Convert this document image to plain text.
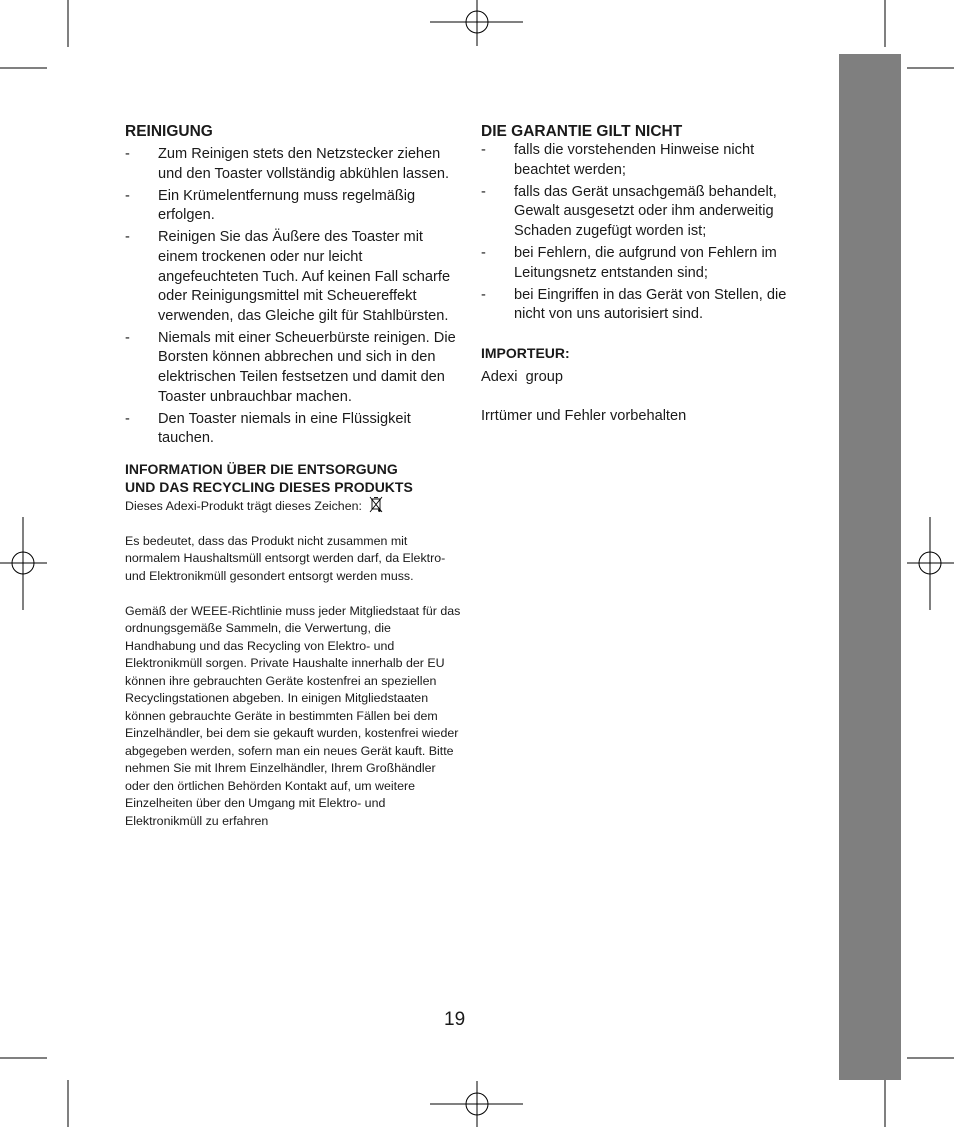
REINIGUNG
- Zum Reinigen stets den Netzstecker ziehen und den Toaster vollständig abkühlen lassen.
- Ein Krümelentfernung muss regelmäßig erfolgen.
- Reinigen Sie das Äußere des Toaster mit einem trockenen oder nur leicht angefeuchteten Tuch. Auf keinen Fall scharfe oder Reinigungsmittel mit Scheuereffekt verwenden, das Gleiche gilt für Stahlbürsten.
- Niemals mit einer Scheuerbürste reinigen. Die Borsten können abbrechen und sich in den elektrischen Teilen festsetzen und damit den Toaster unbrauchbar machen.
- Den Toaster niemals in eine Flüssigkeit tauchen.
INFORMATION ÜBER DIE ENTSORGUNG
UND DAS RECYCLING DIESES PRODUKTS

Dieses Adexi-Produkt trägt dieses Zeichen:

Es bedeutet, dass das Produkt nicht zusammen mit normalem Haushaltsmüll entsorgt werden darf, da Elektro- und Elektronikmüll gesondert entsorgt werden muss.

Gemäß der WEEE-Richtlinie muss jeder Mitgliedstaat für das ordnungsgemäße Sammeln, die Verwertung, die Handhabung und das Recycling von Elektro- und Elektronikmüll sorgen. Private Haushalte innerhalb der EU können ihre gebrauchten Geräte kostenfrei an speziellen Recyclingstationen abgeben. In einigen Mitgliedstaaten können gebrauchte Geräte in bestimmten Fällen bei dem Einzelhändler, bei dem sie gekauft wurden, kostenfrei wieder abgegeben werden, sofern man ein neues Gerät kauft. Bitte nehmen Sie mit Ihrem Einzelhändler, Ihrem Großhändler oder den örtlichen Behörden Kontakt auf, um weitere Einzelheiten über den Umgang mit Elektro- und Elektronikmüll zu erfahren

DIE GARANTIE GILT NICHT
- falls die vorstehenden Hinweise nicht beachtet werden;
- falls das Gerät unsachgemäß behandelt, Gewalt ausgesetzt oder ihm anderweitig Schaden zugefügt worden ist;
- bei Fehlern, die aufgrund von Fehlern im Leitungsnetz entstanden sind;
- bei Eingriffen in das Gerät von Stellen, die nicht von uns autorisiert sind.
IMPORTEUR:

Adexi  group

Irrtümer und Fehler vorbehalten

19
